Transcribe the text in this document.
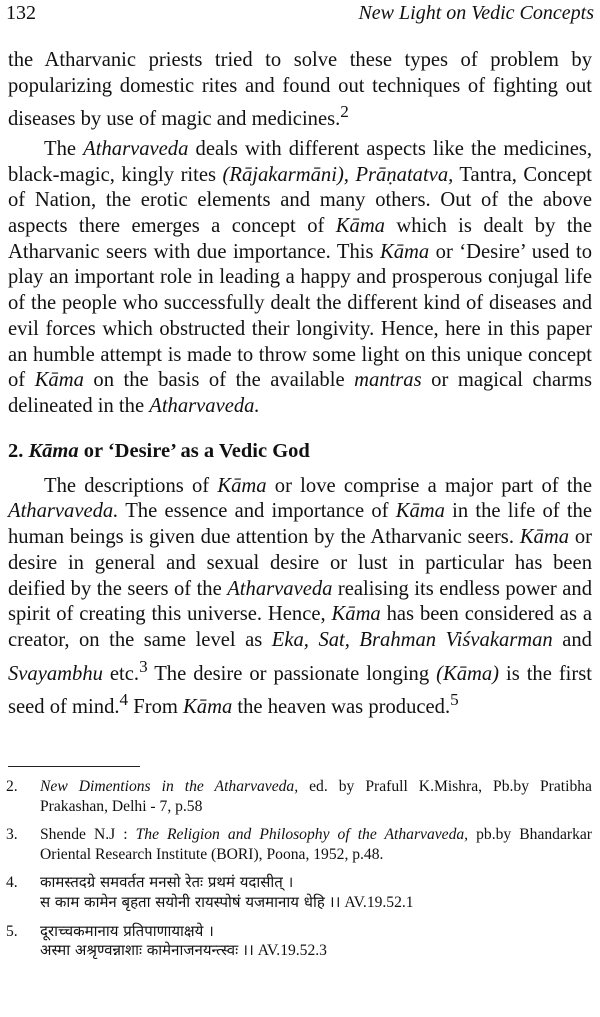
132	New Light on Vedic Concepts

the Atharvanic priests tried to solve these types of problem by popularizing domestic rites and found out techniques of fighting out diseases by use of magic and medicines.$^2$

The Atharvaveda deals with different aspects like the medicines, black-magic, kingly rites (Rājakarmāni), Prāṇatatva, Tantra, Concept of Nation, the erotic elements and many others. Out of the above aspects there emerges a concept of Kāma which is dealt by the Atharvanic seers with due importance. This Kāma or ‘Desire’ used to play an important role in leading a happy and prosperous conjugal life of the people who successfully dealt the different kind of diseases and evil forces which obstructed their longivity. Hence, here in this paper an humble attempt is made to throw some light on this unique concept of Kāma on the basis of the available mantras or magical charms delineated in the Atharvaveda.

2. Kāma or ‘Desire’ as a Vedic God

The descriptions of Kāma or love comprise a major part of the Atharvaveda. The essence and importance of Kāma in the life of the human beings is given due attention by the Atharvanic seers. Kāma or desire in general and sexual desire or lust in particular has been deified by the seers of the Atharvaveda realising its endless power and spirit of creating this universe. Hence, Kāma has been considered as a creator, on the same level as Eka, Sat, Brahman Viśvakarman and Svayambhu etc.$^3$ The desire or passionate longing (Kāma) is the first seed of mind.$^4$ From Kāma the heaven was produced.$^5$

2. New Dimentions in the Atharvaveda, ed. by Prafull K.Mishra, Pb.by Pratibha Prakashan, Delhi - 7, p.58
3. Shende N.J : The Religion and Philosophy of the Atharvaveda, pb.by Bhandarkar Oriental Research Institute (BORI), Poona, 1952, p.48.
4. कामस्तदग्रे समवर्तत मनसो रेतः प्रथमं यदासीत् ।
स काम कामेन बृहता सयोनी रायस्पोषं यजमानाय धेहि ।। AV.19.52.1
5. दूराच्चकमानाय प्रतिपाणायाक्षये ।
अस्मा अश्रृण्वन्नाशाः कामेनाजनयन्त्स्वः ।। AV.19.52.3
